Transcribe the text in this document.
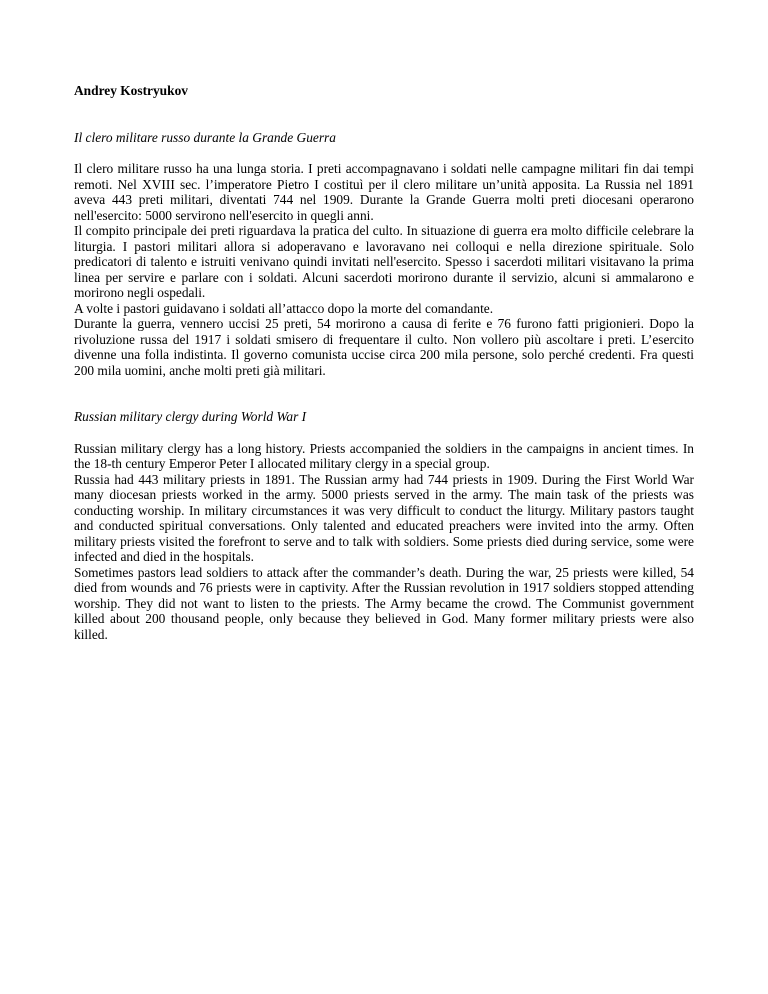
Andrey Kostryukov

Il clero militare russo durante la Grande Guerra

Il clero militare russo ha una lunga storia. I preti accompagnavano i soldati nelle campagne militari fin dai tempi remoti. Nel XVIII sec. l’imperatore Pietro I costituì per il clero militare un’unità apposita. La Russia nel 1891 aveva 443 preti militari, diventati 744 nel 1909. Durante la Grande Guerra molti preti diocesani operarono nell'esercito: 5000 servirono nell'esercito in quegli anni.

Il compito principale dei preti riguardava la pratica del culto. In situazione di guerra era molto difficile celebrare la liturgia. I pastori militari allora si adoperavano e lavoravano nei colloqui e nella direzione spirituale. Solo predicatori di talento e istruiti venivano quindi invitati nell'esercito. Spesso i sacerdoti militari visitavano la prima linea per servire e parlare con i soldati. Alcuni sacerdoti morirono durante il servizio, alcuni si ammalarono e morirono negli ospedali.

A volte i pastori guidavano i soldati all’attacco dopo la morte del comandante.

Durante la guerra, vennero uccisi 25 preti, 54 morirono a causa di ferite e 76 furono fatti prigionieri. Dopo la rivoluzione russa del 1917 i soldati smisero di frequentare il culto. Non vollero più ascoltare i preti. L’esercito divenne una folla indistinta. Il governo comunista uccise circa 200 mila persone, solo perché credenti. Fra questi 200 mila uomini, anche molti preti già militari.

Russian military clergy during World War I

Russian military clergy has a long history. Priests accompanied the soldiers in the campaigns in ancient times. In the 18-th century Emperor Peter I allocated military clergy in a special group.

Russia had 443 military priests in 1891. The Russian army had 744 priests in 1909. During the First World War many diocesan priests worked in the army. 5000 priests served in the army. The main task of the priests was conducting worship. In military circumstances it was very difficult to conduct the liturgy. Military pastors taught and conducted spiritual conversations. Only talented and educated preachers were invited into the army. Often military priests visited the forefront to serve and to talk with soldiers. Some priests died during service, some were infected and died in the hospitals.

Sometimes pastors lead soldiers to attack after the commander’s death. During the war, 25 priests were killed, 54 died from wounds and 76 priests were in captivity. After the Russian revolution in 1917 soldiers stopped attending worship. They did not want to listen to the priests. The Army became the crowd. The Communist government killed about 200 thousand people, only because they believed in God. Many former military priests were also killed.
